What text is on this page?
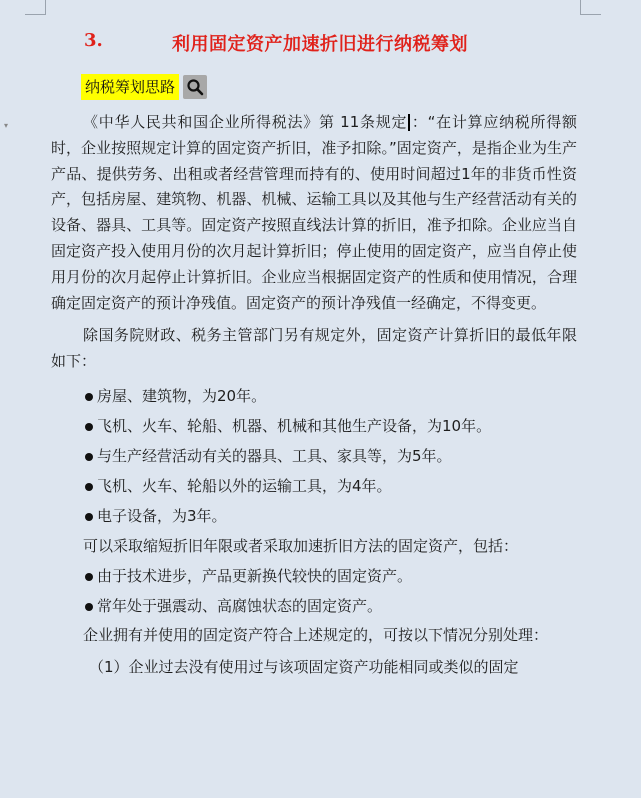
▾
3.	利用固定资产加速折旧进行纳税筹划
纳税筹划思路

《中华人民共和国企业所得税法》第 11条规定 ：“在计算应纳税所得额时，企业按照规定计算的固定资产折旧，准予扣除。”固定资产，是指企业为生产产品、提供劳务、出租或者经营管理而持有的、使用时间超过1年的非货币性资产，包括房屋、建筑物、机器、机械、运输工具以及其他与生产经营活动有关的设备、器具、工具等。固定资产按照直线法计算的折旧，准予扣除。企业应当自固定资产投入使用月份的次月起计算折旧；停止使用的固定资产，应当自停止使用月份的次月起停止计算折旧。企业应当根据固定资产的性质和使用情况，合理确定固定资产的预计净残值。固定资产的预计净残值一经确定，不得变更。

除国务院财政、税务主管部门另有规定外，固定资产计算折旧的最低年限如下：

房屋、建筑物，为20年。
飞机、火车、轮船、机器、机械和其他生产设备，为10年。
与生产经营活动有关的器具、工具、家具等，为5年。
飞机、火车、轮船以外的运输工具，为4年。
电子设备，为3年。

可以采取缩短折旧年限或者采取加速折旧方法的固定资产，包括：

由于技术进步，产品更新换代较快的固定资产。
常年处于强震动、高腐蚀状态的固定资产。

企业拥有并使用的固定资产符合上述规定的，可按以下情况分别处理：

（1）企业过去没有使用过与该项固定资产功能相同或类似的固定
